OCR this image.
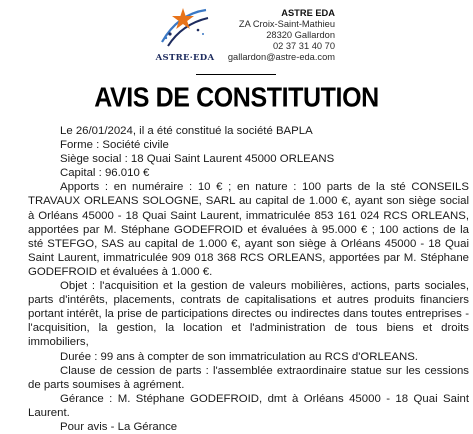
ASTRE·EDA
ASTRE EDA
ZA Croix-Saint-Mathieu
28320 Gallardon
02 37 31 40 70
gallardon@astre-eda.com
AVIS DE CONSTITUTION

Le 26/01/2024, il a été constitué la société BAPLA

Forme : Société civile

Siège social : 18 Quai Saint Laurent 45000 ORLEANS

Capital : 96.010 €

Apports : en numéraire : 10 € ; en nature : 100 parts de la sté CONSEILS TRAVAUX ORLEANS SOLOGNE, SARL au capital de 1.000 €, ayant son siège social à Orléans 45000 - 18 Quai Saint Laurent, immatriculée 853 161 024 RCS ORLEANS, apportées par M. Stéphane GODEFROID et évaluées à 95.000 € ; 100 actions de la sté STEFGO, SAS au capital de 1.000 €, ayant son siège à Orléans 45000 - 18 Quai Saint Laurent, immatriculée 909 018 368 RCS ORLEANS, apportées par M. Stéphane GODEFROID et évaluées à 1.000 €.

Objet : l'acquisition et la gestion de valeurs mobilières, actions, parts sociales, parts d'intérêts, placements, contrats de capitalisations et autres produits financiers portant intérêt, la prise de participations directes ou indirectes dans toutes entreprises - l'acquisition, la gestion, la location et l'administration de tous biens et droits immobiliers,

Durée : 99 ans à compter de son immatriculation au RCS d'ORLEANS.

Clause de cession de parts : l'assemblée extraordinaire statue sur les cessions de parts soumises à agrément.

Gérance : M. Stéphane GODEFROID, dmt à Orléans 45000 - 18 Quai Saint Laurent.

Pour avis - La Gérance
